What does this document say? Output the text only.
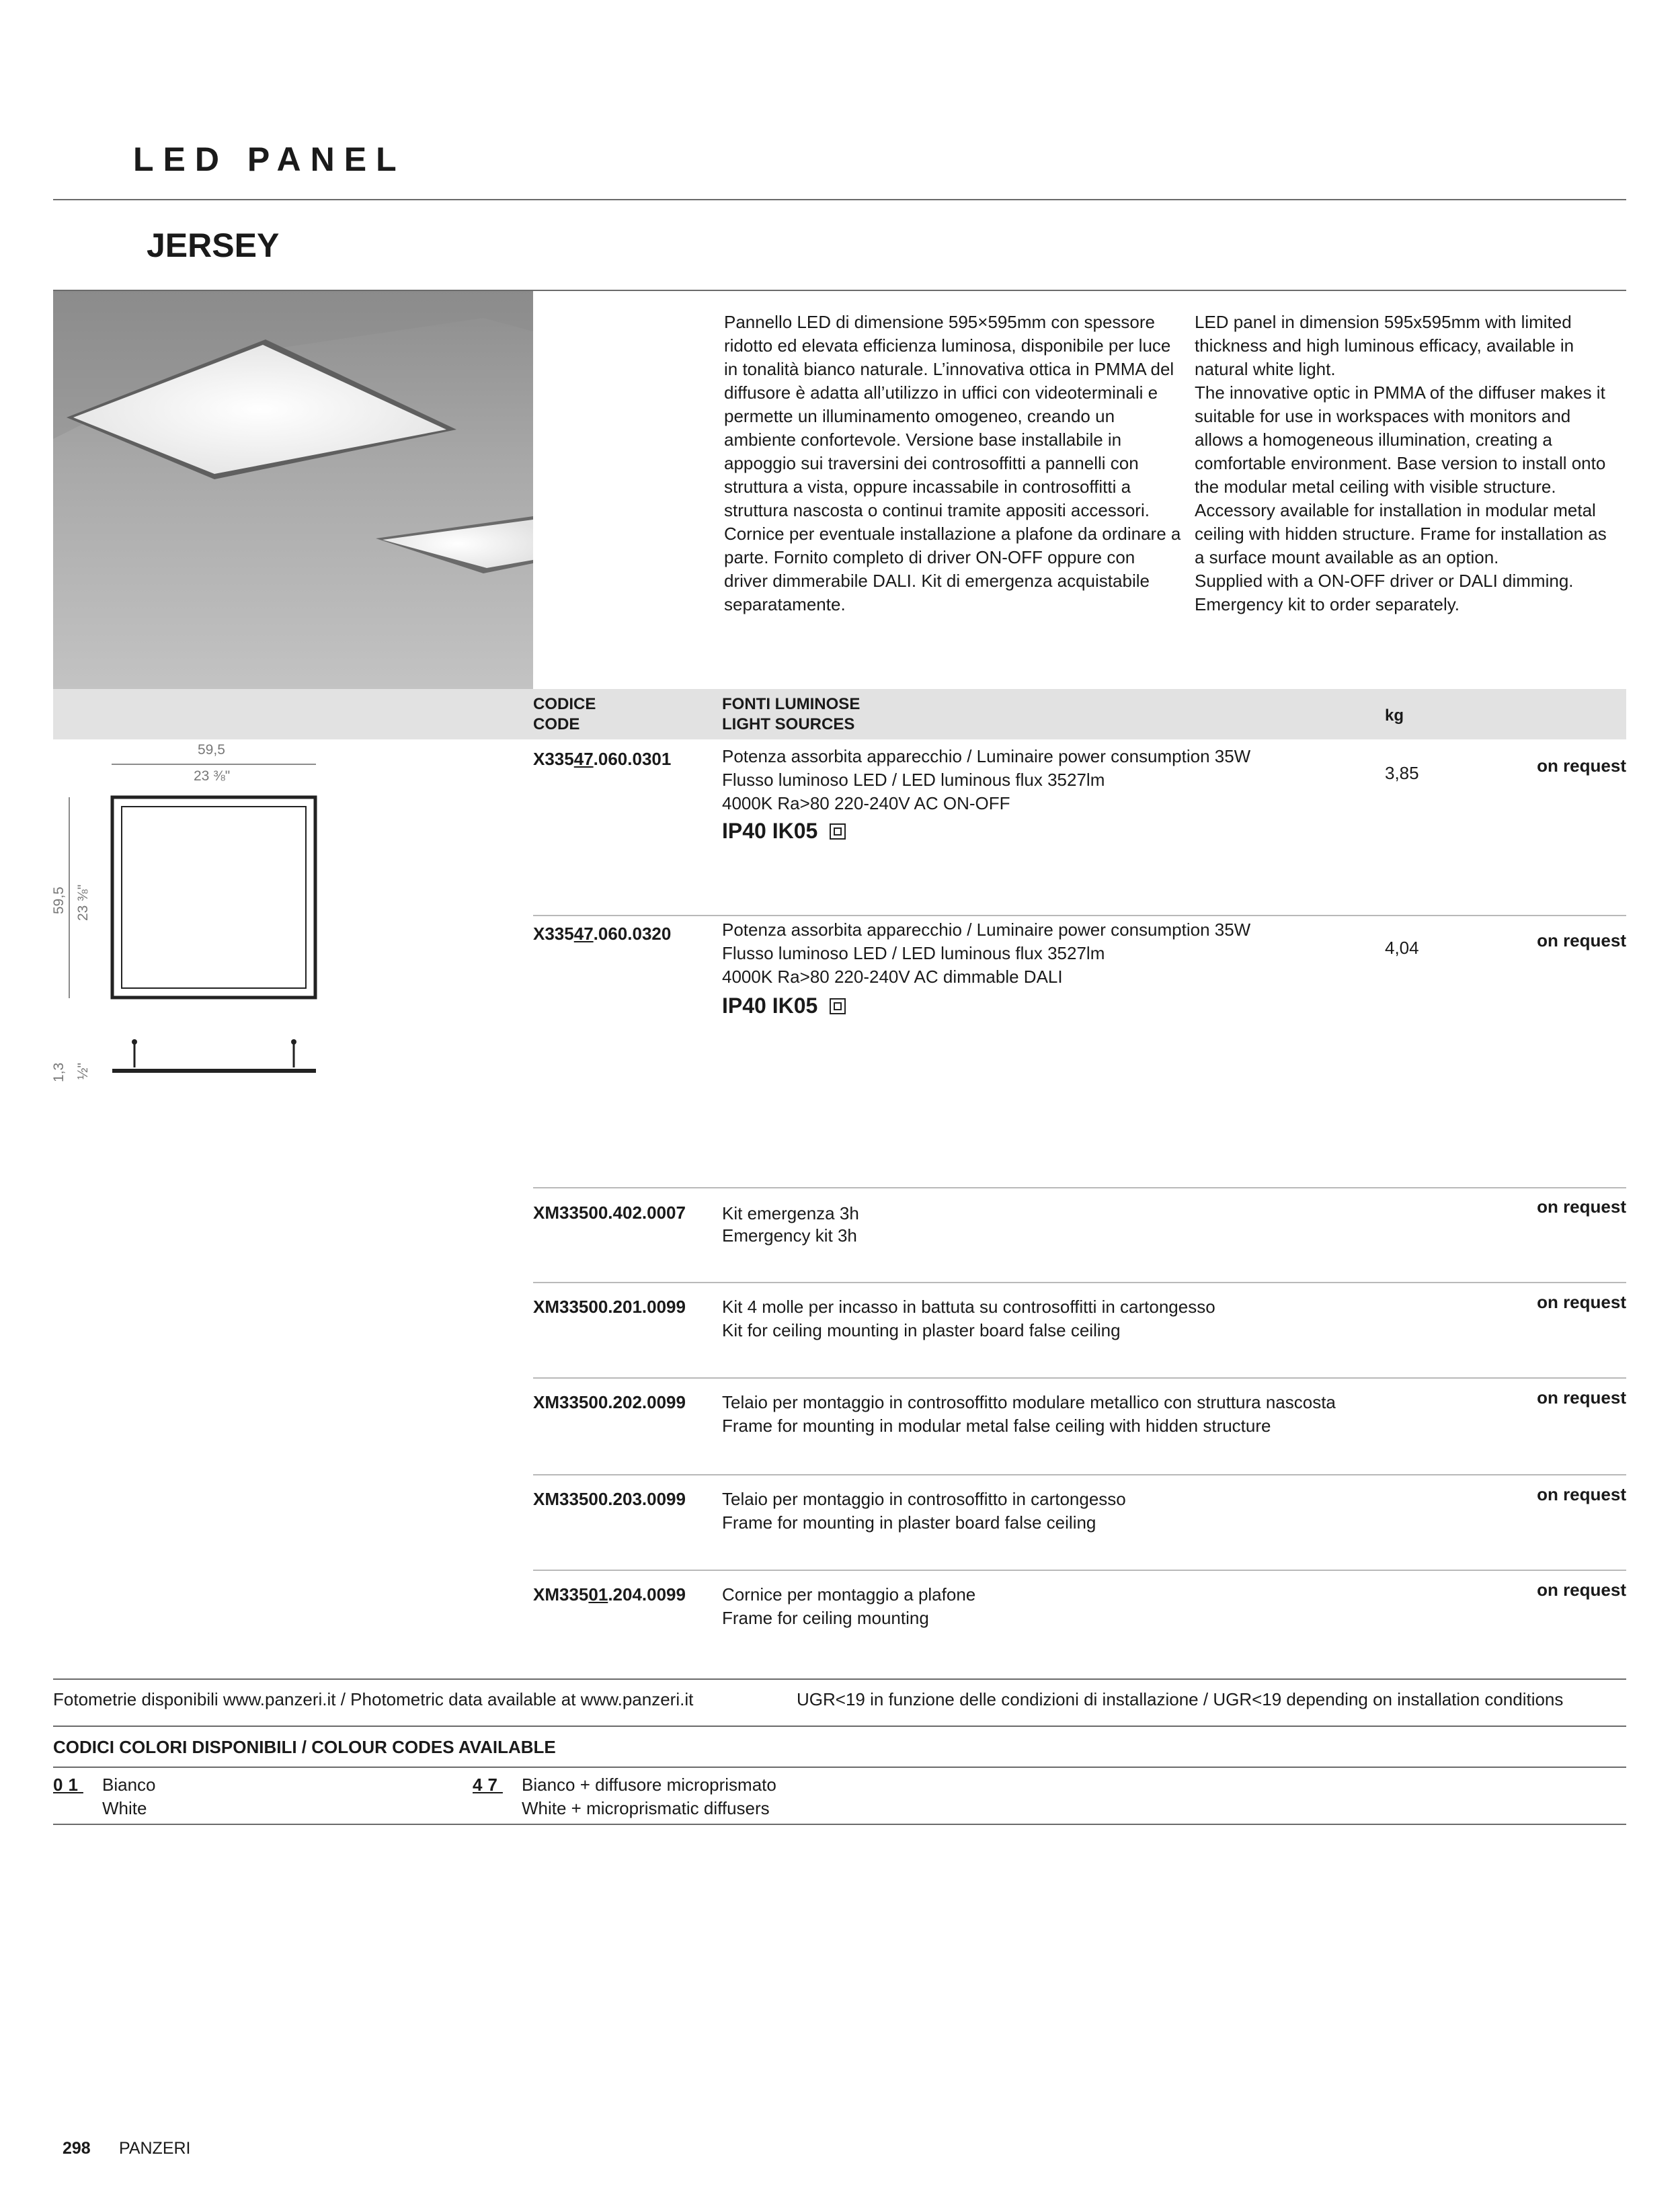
LED PANEL
JERSEY

Pannello LED di dimensione 595×595mm con spessore ridotto ed elevata efficienza luminosa, disponibile per luce in tonalità bianco naturale. L’innovativa ottica in PMMA del diffusore è adatta all’utilizzo in uffici con videoterminali e permette un illuminamento omogeneo, creando un ambiente confortevole. Versione base installabile in appoggio sui traversini dei controsoffitti a pannelli con struttura a vista, oppure incassabile in controsoffitti a struttura nascosta o continui tramite appositi accessori. Cornice per eventuale installazione a plafone da ordinare a parte. Fornito completo di driver ON-OFF oppure con driver dimmerabile DALI. Kit di emergenza acquistabile separatamente.

LED panel in dimension 595x595mm with limited thickness and high luminous efficacy, available in natural white light.

The innovative optic in PMMA of the diffuser makes it suitable for use in workspaces with monitors and allows a homogeneous illumination, creating a comfortable environment. Base version to install onto the modular metal ceiling with visible structure. Accessory available for installation in modular metal ceiling with hidden structure. Frame for installation as a surface mount available as an option.

Supplied with a ON-OFF driver or DALI dimming. Emergency kit to order separately.

CODICE
CODE
FONTI LUMINOSE
LIGHT SOURCES	kg
59,5
23 ⅜"
59,5 23 ⅜"
1,3 ½"
X33547.060.0301	Potenza assorbita apparecchio / Luminaire power consumption 35W
Flusso luminoso LED / LED luminous flux 3527lm
4000K Ra>80 220-240V AC ON-OFF
IP40 IK05
3,85	on request
X33547.060.0320	Potenza assorbita apparecchio / Luminaire power consumption 35W
Flusso luminoso LED / LED luminous flux 3527lm
4000K Ra>80 220-240V AC dimmable DALI
IP40 IK05
4,04	on request
XM33500.402.0007 Kit emergenza 3h
Emergency kit 3h
on request
XM33500.201.0099 Kit 4 molle per incasso in battuta su controsoffitti in cartongesso
Kit for ceiling mounting in plaster board false ceiling
on request
XM33500.202.0099 Telaio per montaggio in controsoffitto modulare metallico con struttura nascosta
Frame for mounting in modular metal false ceiling with hidden structure
on request
XM33500.203.0099 Telaio per montaggio in controsoffitto in cartongesso
Frame for mounting in plaster board false ceiling
on request
XM33501.204.0099 Cornice per montaggio a plafone
Frame for ceiling mounting
on request
Fotometrie disponibili www.panzeri.it / Photometric data available at www.panzeri.it	UGR<19 in funzione delle condizioni di installazione / UGR<19 depending on installation conditions
CODICI COLORI DISPONIBILI / COLOUR CODES AVAILABLE
01 Bianco
White
47 Bianco + diffusore microprismato
White + microprismatic diffusers
298 PANZERI
